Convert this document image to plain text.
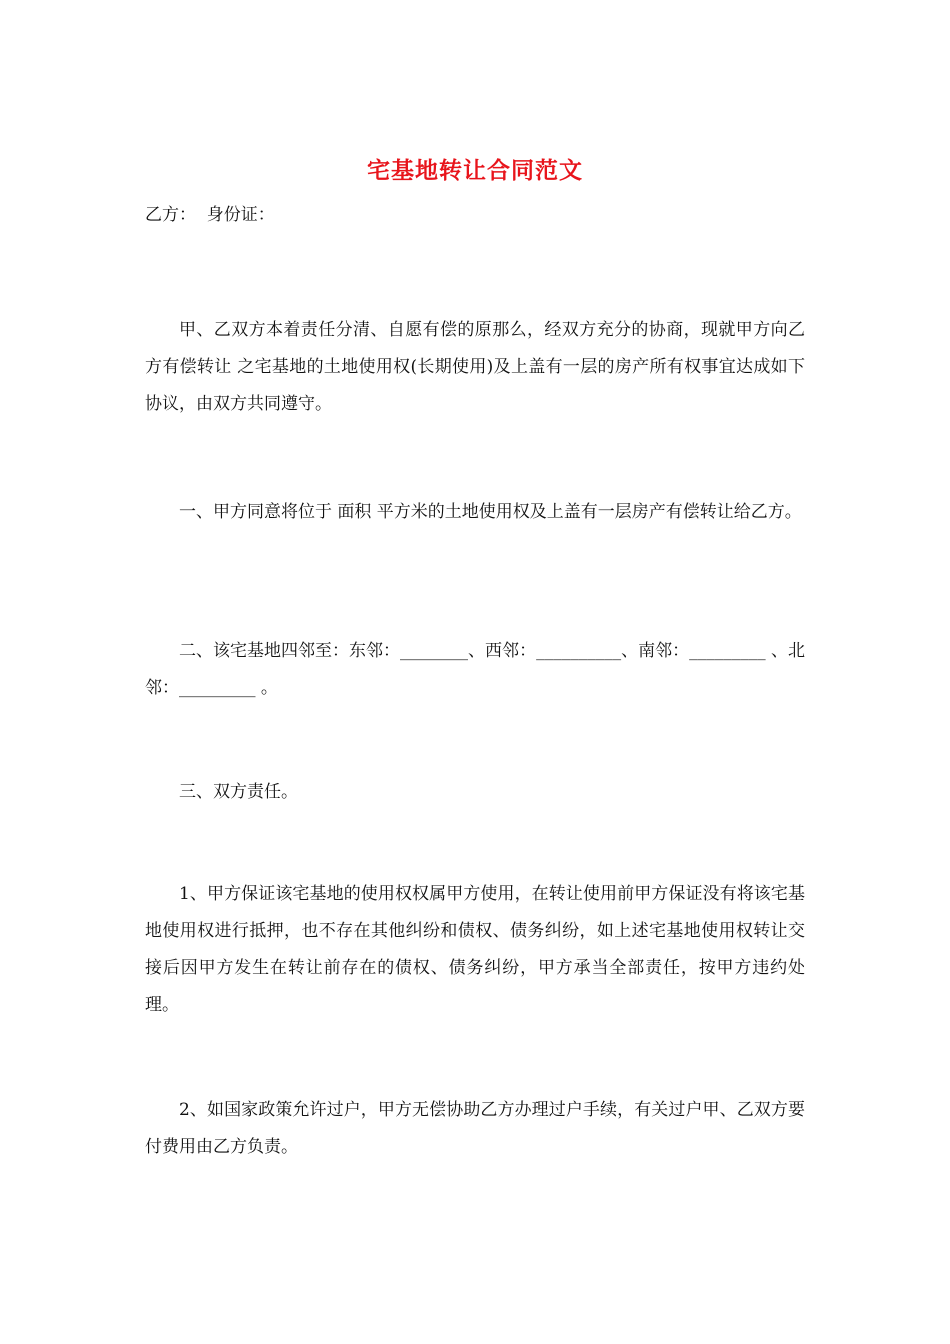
宅基地转让合同范文
乙方：  身份证：

甲、乙双方本着责任分清、自愿有偿的原那么，经双方充分的协商，现就甲方向乙方有偿转让 之宅基地的土地使用权(长期使用)及上盖有一层的房产所有权事宜达成如下协议，由双方共同遵守。

一、甲方同意将位于 面积 平方米的土地使用权及上盖有一层房产有偿转让给乙方。

二、该宅基地四邻至：东邻：________、西邻：__________、南邻：_________ 、北邻：_________ 。

三、双方责任。

1、甲方保证该宅基地的使用权权属甲方使用，在转让使用前甲方保证没有将该宅基地使用权进行抵押，也不存在其他纠纷和债权、债务纠纷，如上述宅基地使用权转让交接后因甲方发生在转让前存在的债权、债务纠纷，甲方承当全部责任，按甲方违约处理。

2、如国家政策允许过户，甲方无偿协助乙方办理过户手续，有关过户甲、乙双方要付费用由乙方负责。
